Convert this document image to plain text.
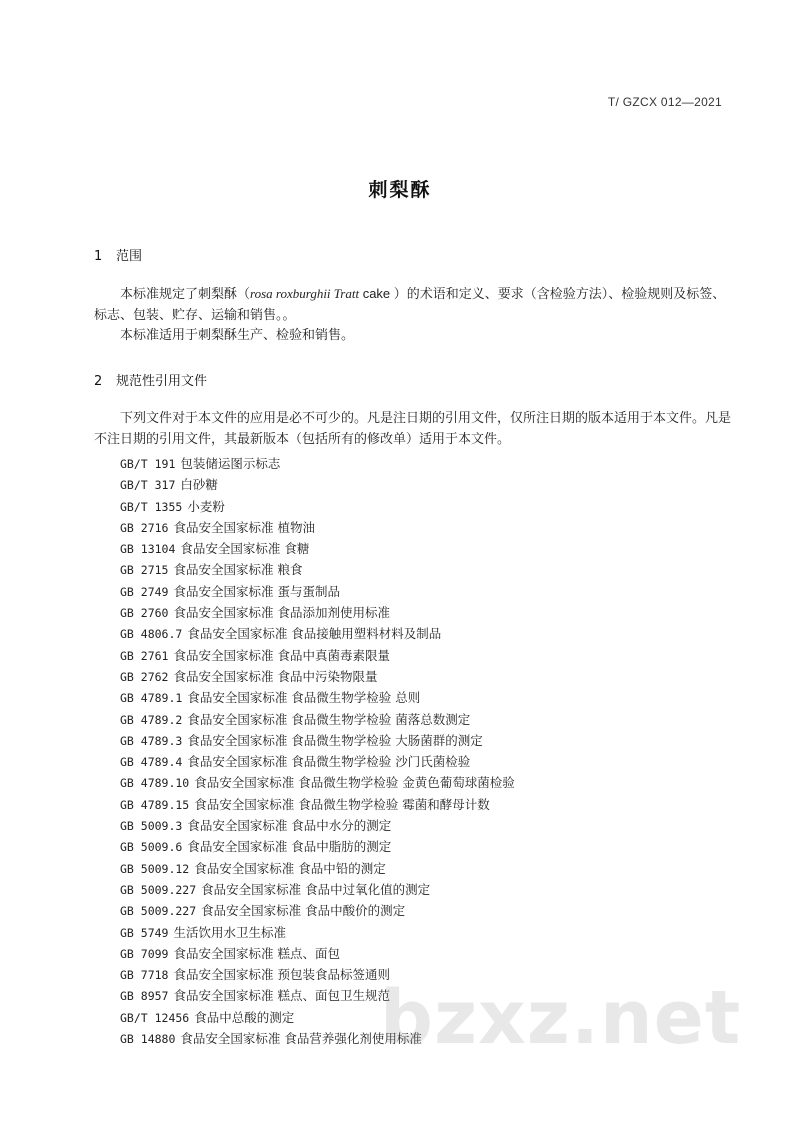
T/ GZCX 012—2021
刺梨酥
1 范围
本标准规定了刺梨酥（rosa roxburghii Tratt cake ）的术语和定义、要求（含检验方法）、检验规则及标签、标志、包装、贮存、运输和销售。。
本标准适用于刺梨酥生产、检验和销售。
2 规范性引用文件
下列文件对于本文件的应用是必不可少的。凡是注日期的引用文件，仅所注日期的版本适用于本文件。凡是不注日期的引用文件，其最新版本（包括所有的修改单）适用于本文件。
GB/T 191 包装储运图示标志
GB/T 317 白砂糖
GB/T 1355 小麦粉
GB 2716 食品安全国家标准 植物油
GB 13104 食品安全国家标准 食糖
GB 2715 食品安全国家标准 粮食
GB 2749 食品安全国家标准 蛋与蛋制品
GB 2760 食品安全国家标准 食品添加剂使用标准
GB 4806.7 食品安全国家标准 食品接触用塑料材料及制品
GB 2761 食品安全国家标准 食品中真菌毒素限量
GB 2762 食品安全国家标准 食品中污染物限量
GB 4789.1 食品安全国家标准 食品微生物学检验 总则
GB 4789.2 食品安全国家标准 食品微生物学检验 菌落总数测定
GB 4789.3 食品安全国家标准 食品微生物学检验 大肠菌群的测定
GB 4789.4 食品安全国家标准 食品微生物学检验 沙门氏菌检验
GB 4789.10 食品安全国家标准 食品微生物学检验 金黄色葡萄球菌检验
GB 4789.15 食品安全国家标准 食品微生物学检验 霉菌和酵母计数
GB 5009.3 食品安全国家标准 食品中水分的测定
GB 5009.6 食品安全国家标准 食品中脂肪的测定
GB 5009.12 食品安全国家标准 食品中铅的测定
GB 5009.227 食品安全国家标准 食品中过氧化值的测定
GB 5009.227 食品安全国家标准 食品中酸价的测定
GB 5749 生活饮用水卫生标准
GB 7099 食品安全国家标准 糕点、面包
GB 7718 食品安全国家标准 预包装食品标签通则
GB 8957 食品安全国家标准 糕点、面包卫生规范
GB/T 12456 食品中总酸的测定
GB 14880 食品安全国家标准 食品营养强化剂使用标准
bzxz.net
